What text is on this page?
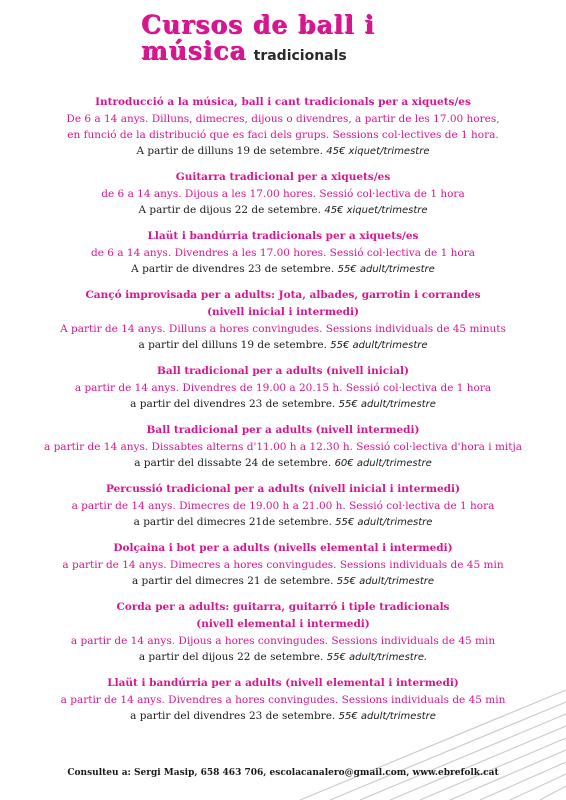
Cursos de ball i
música tradicionals
Introducció a la música, ball i cant tradicionals per a xiquets/es
De 6 a 14 anys. Dilluns, dimecres, dijous o divendres, a partir de les 17.00 hores,
en funció de la distribució que es faci dels grups. Sessions col·lectives de 1 hora.
A partir de dilluns 19 de setembre. 45€ xiquet/trimestre
Guitarra tradicional per a xiquets/es
de 6 a 14 anys. Dijous a les 17.00 hores. Sessió col·lectiva de 1 hora
A partir de dijous 22 de setembre. 45€ xiquet/trimestre
Llaüt i bandúrria tradicionals per a xiquets/es
de 6 a 14 anys. Divendres a les 17.00 hores. Sessió col·lectiva de 1 hora
A partir de divendres 23 de setembre. 55€ adult/trimestre
Cançó improvisada per a adults: Jota, albades, garrotin i corrandes
(nivell inicial i intermedi)
A partir de 14 anys. Dilluns a hores convingudes. Sessions individuals de 45 minuts
a partir del dilluns 19 de setembre. 55€ adult/trimestre
Ball tradicional per a adults (nivell inicial)
a partir de 14 anys. Divendres de 19.00 a 20.15 h. Sessió col·lectiva de 1 hora
a partir del divendres 23 de setembre. 55€ adult/trimestre
Ball tradicional per a adults (nivell intermedi)
a partir de 14 anys. Dissabtes alterns d'11.00 h a 12.30 h. Sessió col·lectiva d'hora i mitja
a partir del dissabte 24 de setembre. 60€ adult/trimestre
Percussió tradicional per a adults (nivell inicial i intermedi)
a partir de 14 anys. Dimecres de 19.00 h a 21.00 h. Sessió col·lectiva de 1 hora
a partir del dimecres 21de setembre. 55€ adult/trimestre
Dolçaina i bot per a adults (nivells elemental i intermedi)
a partir de 14 anys. Dimecres a hores convingudes. Sessions individuals de 45 min
a partir del dimecres 21 de setembre. 55€ adult/trimestre
Corda per a adults: guitarra, guitarró i tiple tradicionals
(nivell elemental i intermedi)
a partir de 14 anys. Dijous a hores convingudes. Sessions individuals de 45 min
a partir del dijous 22 de setembre. 55€ adult/trimestre.
Llaüt i bandúrria per a adults (nivell elemental i intermedi)
a partir de 14 anys. Divendres a hores convingudes. Sessions individuals de 45 min
a partir del divendres 23 de setembre. 55€ adult/trimestre
Consulteu a: Sergi Masip, 658 463 706, escolacanalero@gmail.com, www.ebrefolk.cat
